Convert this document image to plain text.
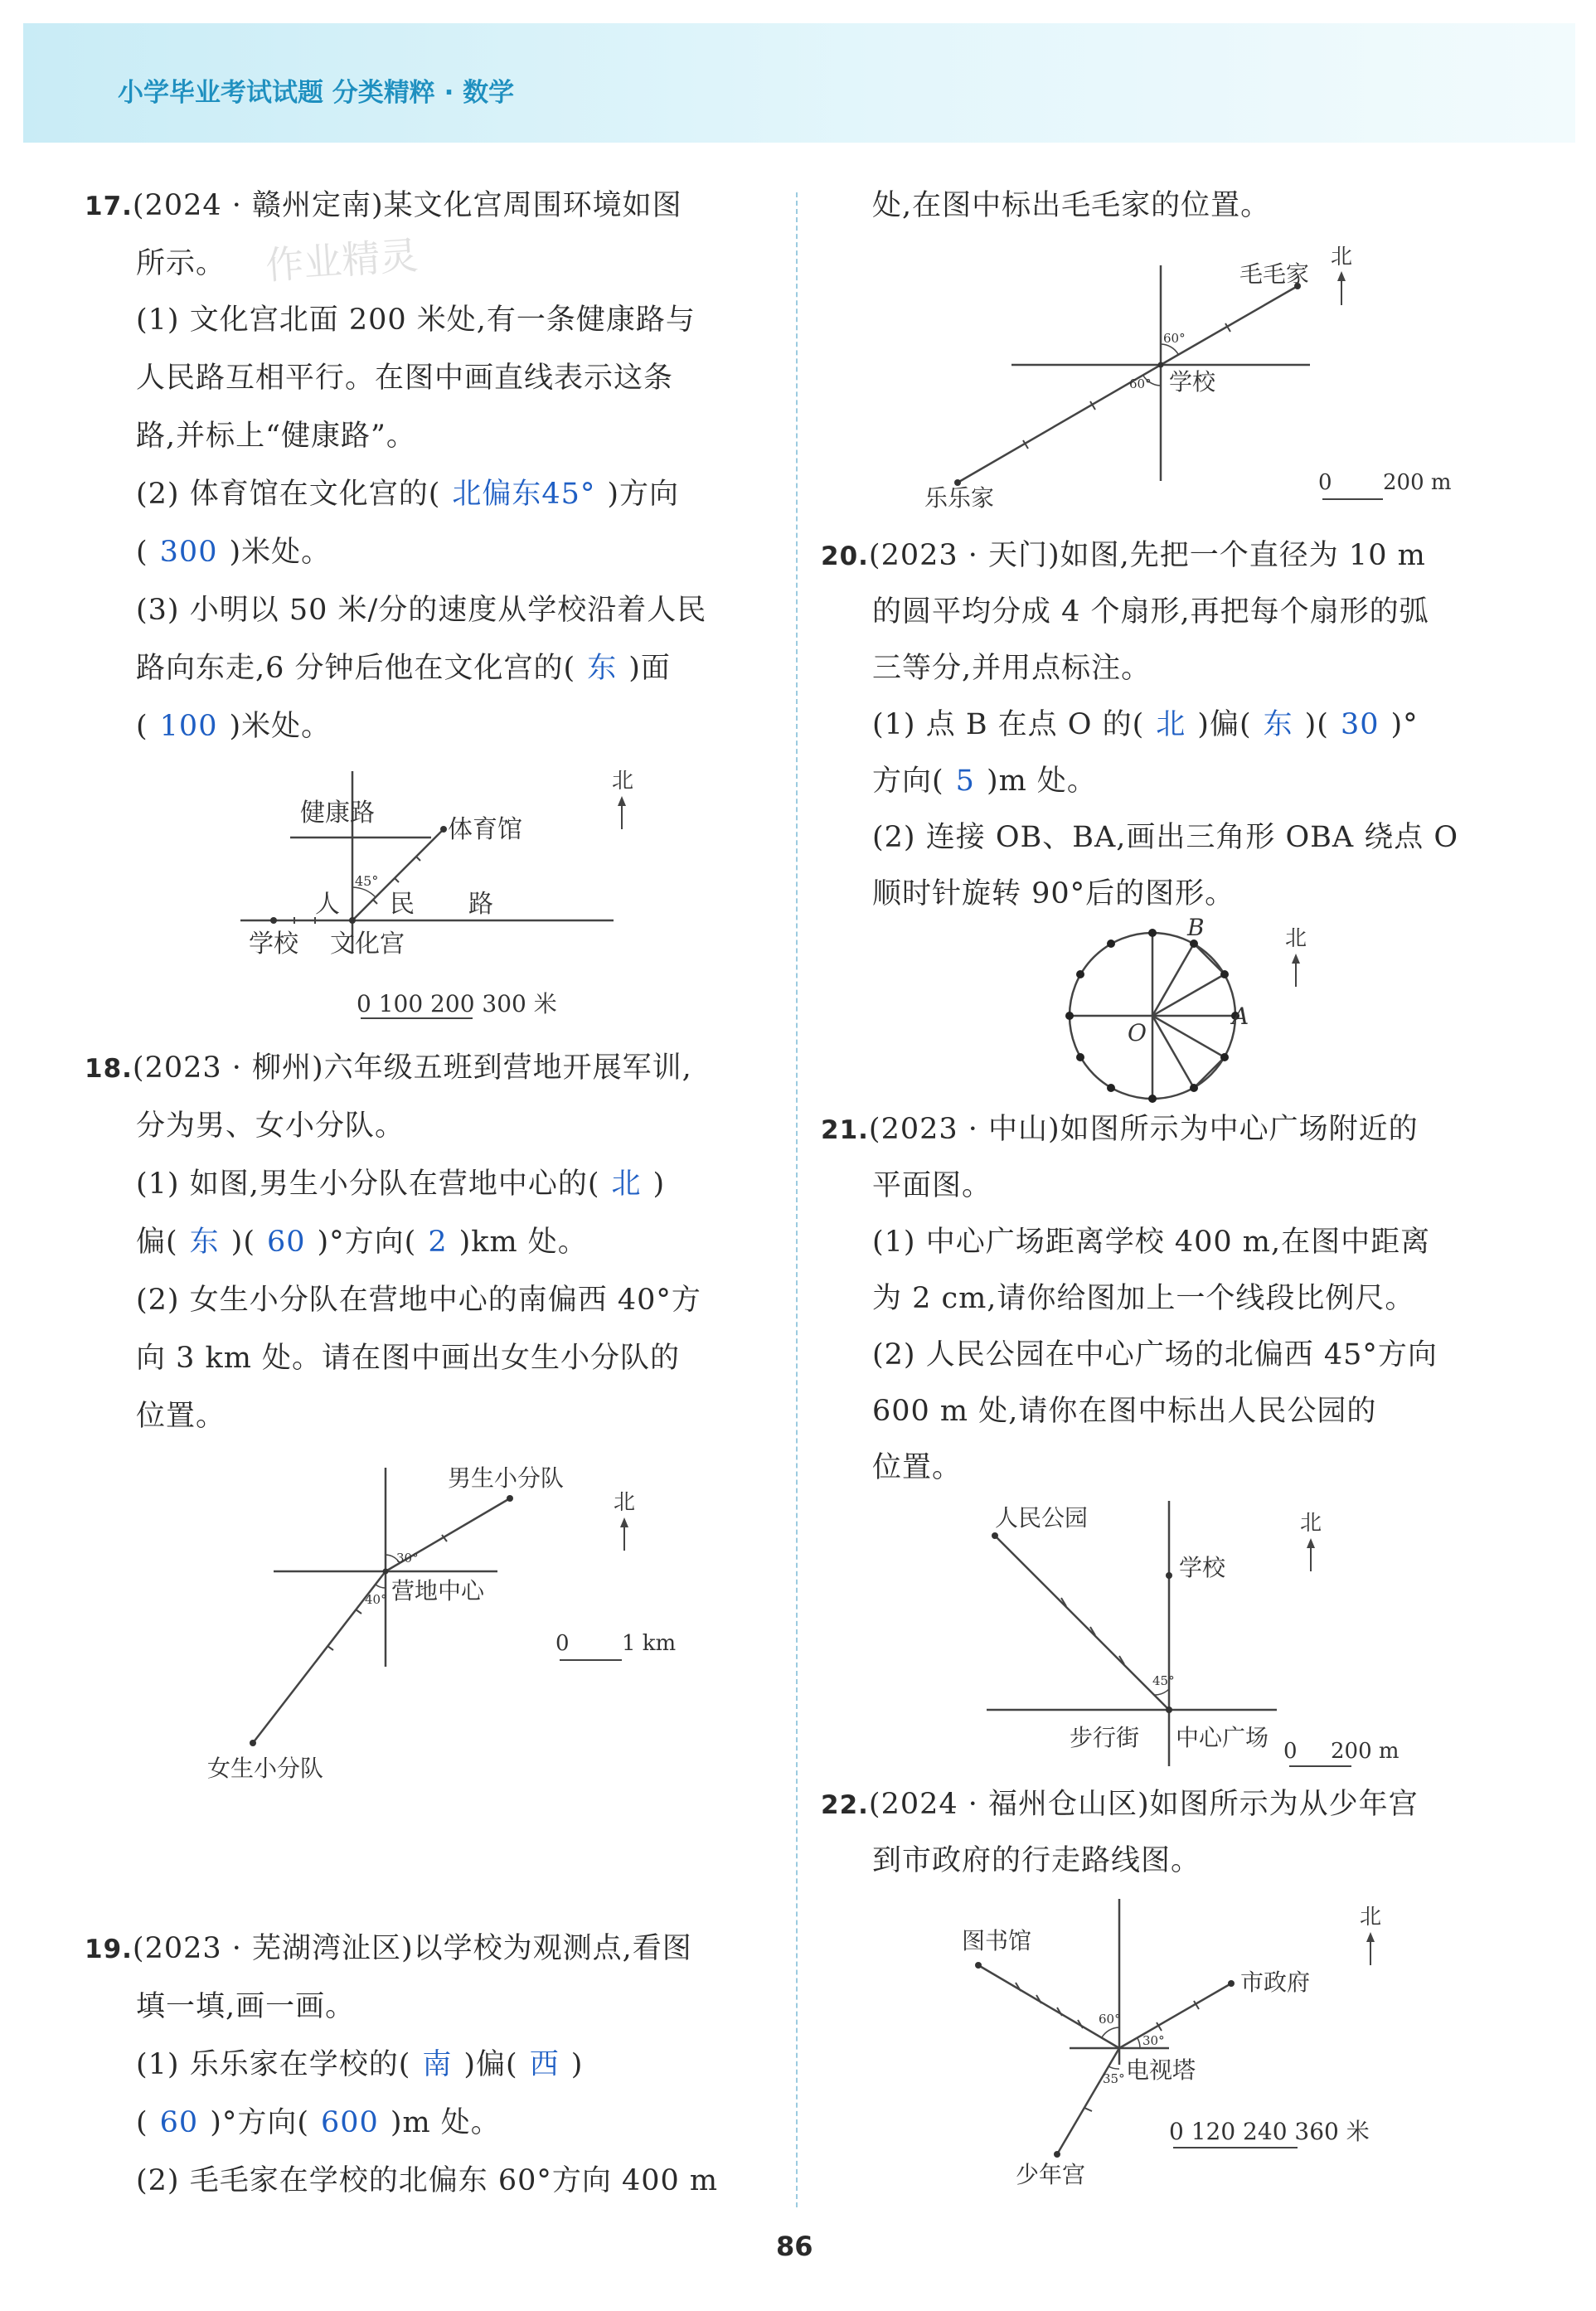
小学毕业考试试题 分类精粹 · 数学
17.(2024 · 赣州定南)某文化宫周围环境如图
所示。
(1) 文化宫北面 200 米处,有一条健康路与
人民路互相平行。在图中画直线表示这条
路,并标上“健康路”。
(2) 体育馆在文化宫的( 北偏东45° )方向
( 300 )米处。
(3) 小明以 50 米/分的速度从学校沿着人民
路向东走,6 分钟后他在文化宫的( 东 )面
( 100 )米处。
作业精灵
45°
健康路
体育馆
人 民 路
学校 文化宫
北
0 100 200 300 米
18.(2023 · 柳州)六年级五班到营地开展军训,
分为男、女小分队。
(1) 如图,男生小分队在营地中心的( 北 )
偏( 东 )( 60 )°方向( 2 )km 处。
(2) 女生小分队在营地中心的南偏西 40°方
向 3 km 处。请在图中画出女生小分队的
位置。
30°
40°
男生小分队
营地中心
女生小分队
北
0 1 km
19.(2023 · 芜湖湾沚区)以学校为观测点,看图
填一填,画一画。
(1) 乐乐家在学校的( 南 )偏( 西 )
( 60 )°方向( 600 )m 处。
(2) 毛毛家在学校的北偏东 60°方向 400 m
处,在图中标出毛毛家的位置。
60°
60°
毛毛家
北
学校
乐乐家
0 200 m
20.(2023 · 天门)如图,先把一个直径为 10 m
的圆平均分成 4 个扇形,再把每个扇形的弧
三等分,并用点标注。
(1) 点 B 在点 O 的( 北 )偏( 东 )( 30 )°
方向( 5 )m 处。
(2) 连接 OB、BA,画出三角形 OBA 绕点 O
顺时针旋转 90°后的图形。
B
A
O
北
21.(2023 · 中山)如图所示为中心广场附近的
平面图。
(1) 中心广场距离学校 400 m,在图中距离
为 2 cm,请你给图加上一个线段比例尺。
(2) 人民公园在中心广场的北偏西 45°方向
600 m 处,请你在图中标出人民公园的
位置。
45°
人民公园
学校
步行街 中心广场
北
0 200 m
22.(2024 · 福州仓山区)如图所示为从少年宫
到市政府的行走路线图。
60°
30°
35°
图书馆
市政府
电视塔
少年宫
北
0 120 240 360 米
86
